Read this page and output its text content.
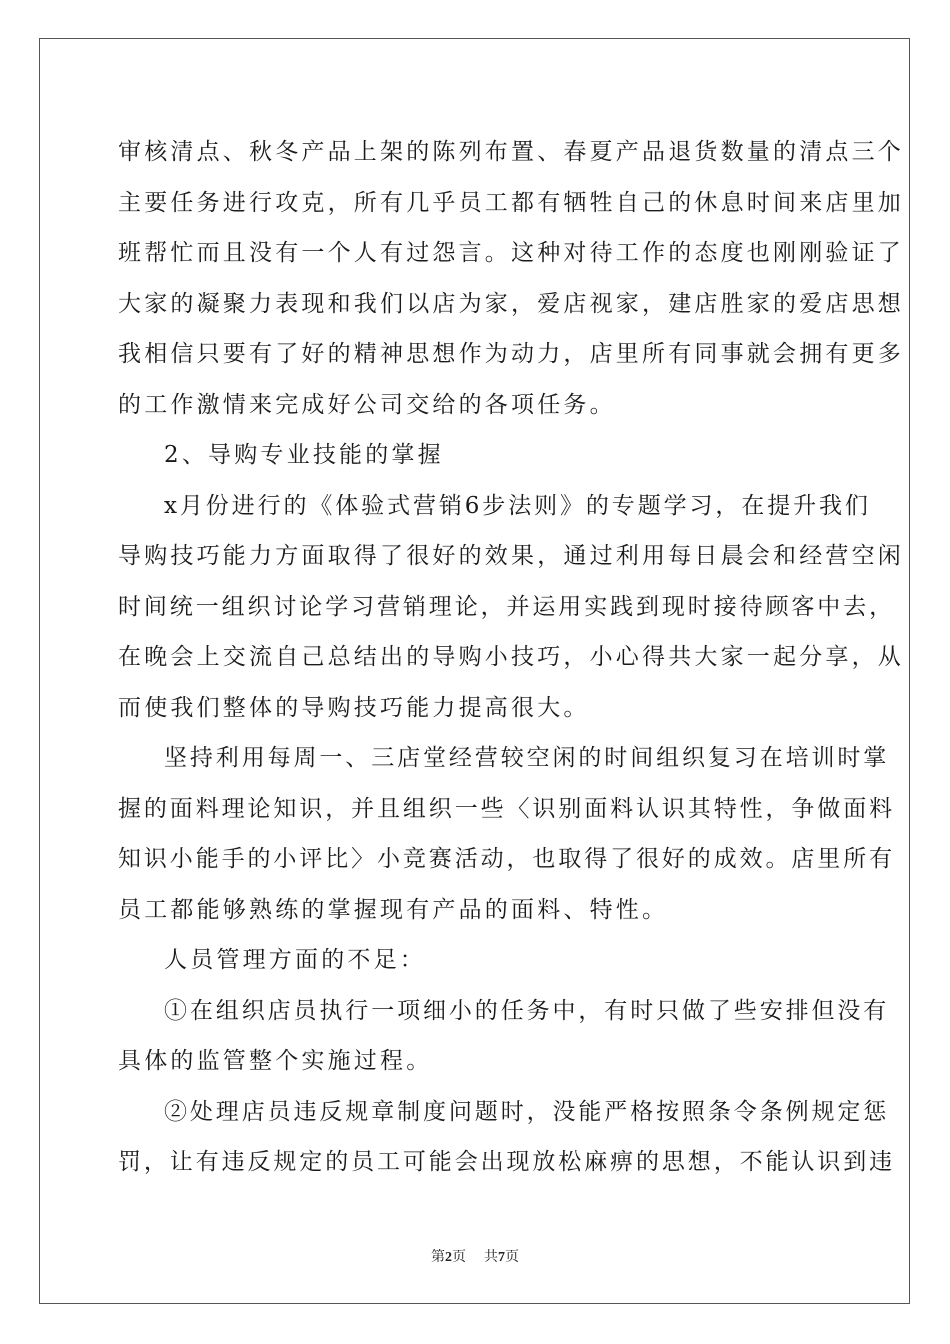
审核清点、秋冬产品上架的陈列布置、春夏产品退货数量的清点三个
主要任务进行攻克，所有几乎员工都有牺牲自己的休息时间来店里加
班帮忙而且没有一个人有过怨言。这种对待工作的态度也刚刚验证了
大家的凝聚力表现和我们以店为家，爱店视家，建店胜家的爱店思想
我相信只要有了好的精神思想作为动力，店里所有同事就会拥有更多
的工作激情来完成好公司交给的各项任务。
2、导购专业技能的掌握
x月份进行的《体验式营销6步法则》的专题学习，在提升我们
导购技巧能力方面取得了很好的效果，通过利用每日晨会和经营空闲
时间统一组织讨论学习营销理论，并运用实践到现时接待顾客中去，
在晚会上交流自己总结出的导购小技巧，小心得共大家一起分享，从
而使我们整体的导购技巧能力提高很大。
坚持利用每周一、三店堂经营较空闲的时间组织复习在培训时掌
握的面料理论知识，并且组织一些〈识别面料认识其特性，争做面料
知识小能手的小评比〉小竞赛活动，也取得了很好的成效。店里所有
员工都能够熟练的掌握现有产品的面料、特性。
人员管理方面的不足：
①在组织店员执行一项细小的任务中，有时只做了些安排但没有
具体的监管整个实施过程。
②处理店员违反规章制度问题时，没能严格按照条令条例规定惩
罚，让有违反规定的员工可能会出现放松麻痹的思想，不能认识到违
第2页 共7页
